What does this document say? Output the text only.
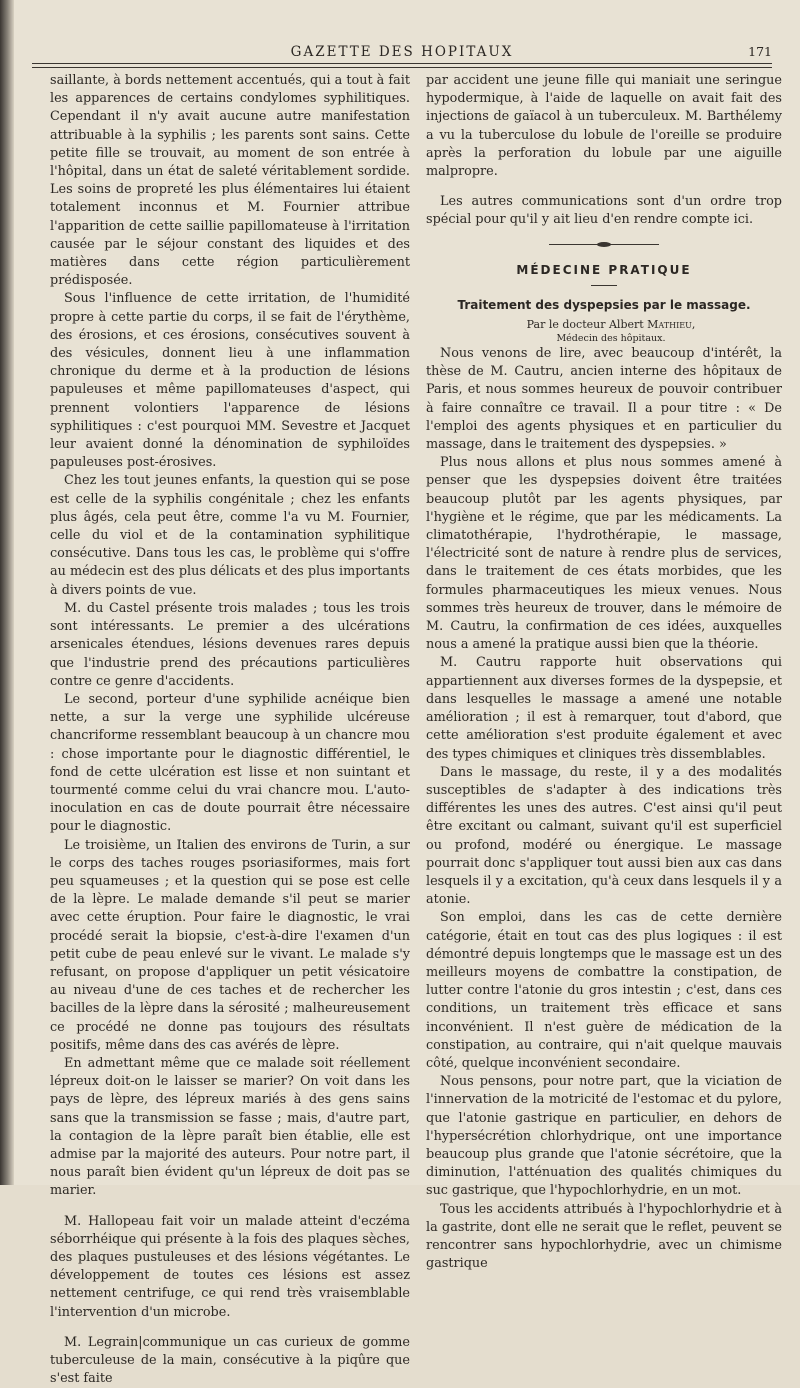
GAZETTE DES HOPITAUX	171

saillante, à bords nettement accentués, qui a tout à fait les apparences de certains condylomes syphilitiques. Cependant il n'y avait aucune autre manifestation attribuable à la syphilis ; les parents sont sains. Cette petite fille se trouvait, au moment de son entrée à l'hôpital, dans un état de saleté véritablement sordide. Les soins de propreté les plus élémentaires lui étaient totalement inconnus et M. Fournier attribue l'apparition de cette saillie papillomateuse à l'irritation causée par le séjour constant des liquides et des matières dans cette région particulièrement prédisposée.

Sous l'influence de cette irritation, de l'humidité propre à cette partie du corps, il se fait de l'érythème, des érosions, et ces érosions, consécutives souvent à des vésicules, donnent lieu à une inflammation chronique du derme et à la production de lésions papuleuses et même papillomateuses d'aspect, qui prennent volontiers l'apparence de lésions syphilitiques : c'est pourquoi MM. Sevestre et Jacquet leur avaient donné la dénomination de syphiloïdes papuleuses post-érosives.

Chez les tout jeunes enfants, la question qui se pose est celle de la syphilis congénitale ; chez les enfants plus âgés, cela peut être, comme l'a vu M. Fournier, celle du viol et de la contamination syphilitique consécutive. Dans tous les cas, le problème qui s'offre au médecin est des plus délicats et des plus importants à divers points de vue.

M. du Castel présente trois malades ; tous les trois sont intéressants. Le premier a des ulcérations arsenicales étendues, lésions devenues rares depuis que l'industrie prend des précautions particulières contre ce genre d'accidents.

Le second, porteur d'une syphilide acnéique bien nette, a sur la verge une syphilide ulcéreuse chancriforme ressemblant beaucoup à un chancre mou : chose importante pour le diagnostic différentiel, le fond de cette ulcération est lisse et non suintant et tourmenté comme celui du vrai chancre mou. L'auto-inoculation en cas de doute pourrait être nécessaire pour le diagnostic.

Le troisième, un Italien des environs de Turin, a sur le corps des taches rouges psoriasiformes, mais fort peu squameuses ; et la question qui se pose est celle de la lèpre. Le malade demande s'il peut se marier avec cette éruption. Pour faire le diagnostic, le vrai procédé serait la biopsie, c'est-à-dire l'examen d'un petit cube de peau enlevé sur le vivant. Le malade s'y refusant, on propose d'appliquer un petit vésicatoire au niveau d'une de ces taches et de rechercher les bacilles de la lèpre dans la sérosité ; malheureusement ce procédé ne donne pas toujours des résultats positifs, même dans des cas avérés de lèpre.

En admettant même que ce malade soit réellement lépreux doit-on le laisser se marier? On voit dans les pays de lèpre, des lépreux mariés à des gens sains sans que la transmission se fasse ; mais, d'autre part, la contagion de la lèpre paraît bien établie, elle est admise par la majorité des auteurs. Pour notre part, il nous paraît bien évident qu'un lépreux de doit pas se marier.

M. Hallopeau fait voir un malade atteint d'eczéma séborrhéique qui présente à la fois des plaques sèches, des plaques pustuleuses et des lésions végétantes. Le développement de toutes ces lésions est assez nettement centrifuge, ce qui rend très vraisemblable l'intervention d'un microbe.

M. Legrain|communique un cas curieux de gomme tuberculeuse de la main, consécutive à la piqûre que s'est faite

par accident une jeune fille qui maniait une seringue hypodermique, à l'aide de laquelle on avait fait des injections de gaïacol à un tuberculeux. M. Barthélemy a vu la tuberculose du lobule de l'oreille se produire après la perforation du lobule par une aiguille malpropre.

Les autres communications sont d'un ordre trop spécial pour qu'il y ait lieu d'en rendre compte ici.

MÉDECINE PRATIQUE
Traitement des dyspepsies par le massage.

Par le docteur Albert Mathieu,

Médecin des hôpitaux.

Nous venons de lire, avec beaucoup d'intérêt, la thèse de M. Cautru, ancien interne des hôpitaux de Paris, et nous sommes heureux de pouvoir contribuer à faire connaître ce travail. Il a pour titre : « De l'emploi des agents physiques et en particulier du massage, dans le traitement des dyspepsies. »

Plus nous allons et plus nous sommes amené à penser que les dyspepsies doivent être traitées beaucoup plutôt par les agents physiques, par l'hygiène et le régime, que par les médicaments. La climatothérapie, l'hydrothérapie, le massage, l'électricité sont de nature à rendre plus de services, dans le traitement de ces états morbides, que les formules pharmaceutiques les mieux venues. Nous sommes très heureux de trouver, dans le mémoire de M. Cautru, la confirmation de ces idées, auxquelles nous a amené la pratique aussi bien que la théorie.

M. Cautru rapporte huit observations qui appartiennent aux diverses formes de la dyspepsie, et dans lesquelles le massage a amené une notable amélioration ; il est à remarquer, tout d'abord, que cette amélioration s'est produite également et avec des types chimiques et cliniques très dissemblables.

Dans le massage, du reste, il y a des modalités susceptibles de s'adapter à des indications très différentes les unes des autres. C'est ainsi qu'il peut être excitant ou calmant, suivant qu'il est superficiel ou profond, modéré ou énergique. Le massage pourrait donc s'appliquer tout aussi bien aux cas dans lesquels il y a excitation, qu'à ceux dans lesquels il y a atonie.

Son emploi, dans les cas de cette dernière catégorie, était en tout cas des plus logiques : il est démontré depuis longtemps que le massage est un des meilleurs moyens de combattre la constipation, de lutter contre l'atonie du gros intestin ; c'est, dans ces conditions, un traitement très efficace et sans inconvénient. Il n'est guère de médication de la constipation, au contraire, qui n'ait quelque mauvais côté, quelque inconvénient secondaire.

Nous pensons, pour notre part, que la viciation de l'innervation de la motricité de l'estomac et du pylore, que l'atonie gastrique en particulier, en dehors de l'hypersécrétion chlorhydrique, ont une importance beaucoup plus grande que l'atonie sécrétoire, que la diminution, l'atténuation des qualités chimiques du suc gastrique, que l'hypochlorhydrie, en un mot.

Tous les accidents attribués à l'hypochlorhydrie et à la gastrite, dont elle ne serait que le reflet, peuvent se rencontrer sans hypochlorhydrie, avec un chimisme gastrique
